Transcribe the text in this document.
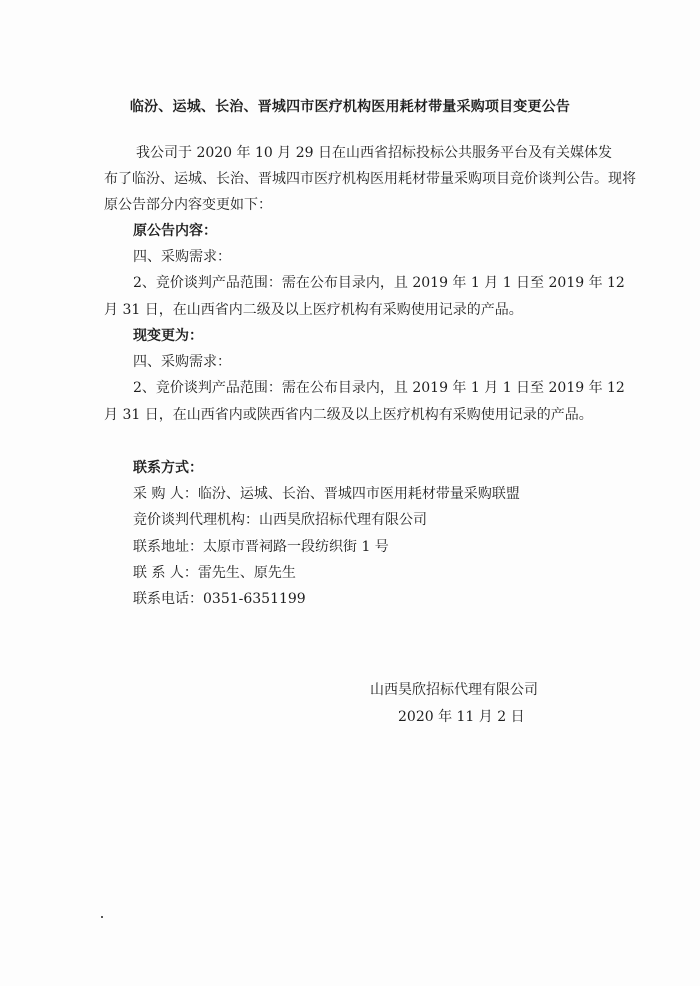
临汾、运城、长治、晋城四市医疗机构医用耗材带量采购项目变更公告
我公司于 2020 年 10 月 29 日在山西省招标投标公共服务平台及有关媒体发
布了临汾、运城、长治、晋城四市医疗机构医用耗材带量采购项目竞价谈判公告。现将
原公告部分内容变更如下：
原公告内容：
四、采购需求：
2、竞价谈判产品范围：需在公布目录内，且 2019 年 1 月 1 日至 2019 年 12
月 31 日，在山西省内二级及以上医疗机构有采购使用记录的产品。
现变更为：
四、采购需求：
2、竞价谈判产品范围：需在公布目录内，且 2019 年 1 月 1 日至 2019 年 12
月 31 日，在山西省内或陕西省内二级及以上医疗机构有采购使用记录的产品。
联系方式：
采 购 人：临汾、运城、长治、晋城四市医用耗材带量采购联盟
竞价谈判代理机构：山西昊欣招标代理有限公司
联系地址：太原市晋祠路一段纺织街 1 号
联 系 人：雷先生、原先生
联系电话：0351-6351199
山西昊欣招标代理有限公司
2020 年 11 月 2 日
